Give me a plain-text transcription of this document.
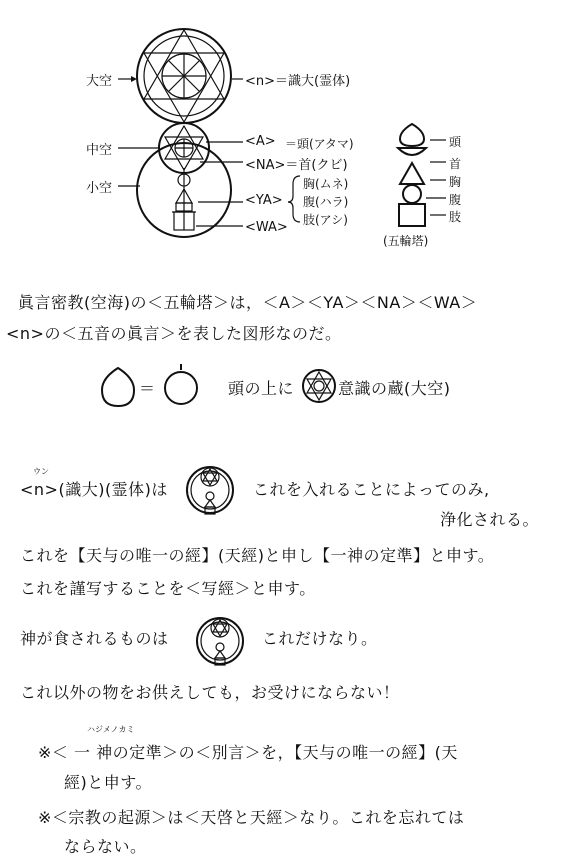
大空	<n>＝識大(霊体)
中空
小空
<A> ＝頭(アタマ)
<NA>＝首(クビ)
<YA>
胸(ムネ)
腹(ハラ)
肢(アシ)
<WA>
頭
首
胸
腹
肢
(五輪塔)
眞言密教(空海)の＜五輪塔＞は，＜A＞＜YA＞＜NA＞＜WA＞
<n>の＜五音の眞言＞を表した図形なのだ。
＝	頭の上に	意識の蔵(大空)
ウン
<n>(識大)(霊体)は	これを入れることによってのみ,
浄化される。
これを【天与の唯一の經】(天經)と申し【一神の定準】と申す。
これを謹写することを＜写經＞と申す。
神が食されるものは	これだけなり。
これ以外の物をお供えしても，お受けにならない！
ハジメノカミ
※＜ 一 神の定準＞の＜別言＞を，【天与の唯一の經】(天
經)と申す。
※＜宗教の起源＞は＜天啓と天經＞なり。これを忘れては
ならない。
